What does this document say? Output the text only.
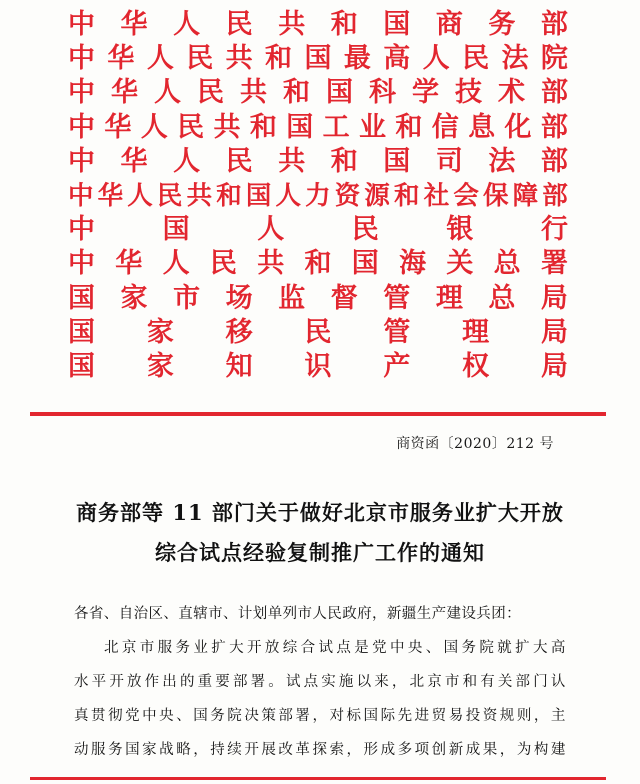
中 华 人 民 共 和 国 商 务 部
中 华 人 民 共 和 国 最 高 人 民 法 院
中 华 人 民 共 和 国 科 学 技 术 部
中 华 人 民 共 和 国 工 业 和 信 息 化 部
中 华 人 民 共 和 国 司 法 部
中 华 人 民 共 和 国 人 力 资 源 和 社 会 保 障 部
中	国	人	民	银	行
中 华 人 民 共 和 国 海 关 总 署
国 家 市 场 监 督 管 理 总 局
国 家 移 民 管 理 局
国 家 知 识 产 权 局
商资函〔2020〕212 号
商务部等 11 部门关于做好北京市服务业扩大开放
综合试点经验复制推广工作的通知
各省、自治区、直辖市、计划单列市人民政府，新疆生产建设兵团：
北京市服务业扩大开放综合试点是党中央、国务院就扩大高
水平开放作出的重要部署。试点实施以来，北京市和有关部门认
真贯彻党中央、国务院决策部署，对标国际先进贸易投资规则，主
动服务国家战略，持续开展改革探索，形成多项创新成果，为构建
